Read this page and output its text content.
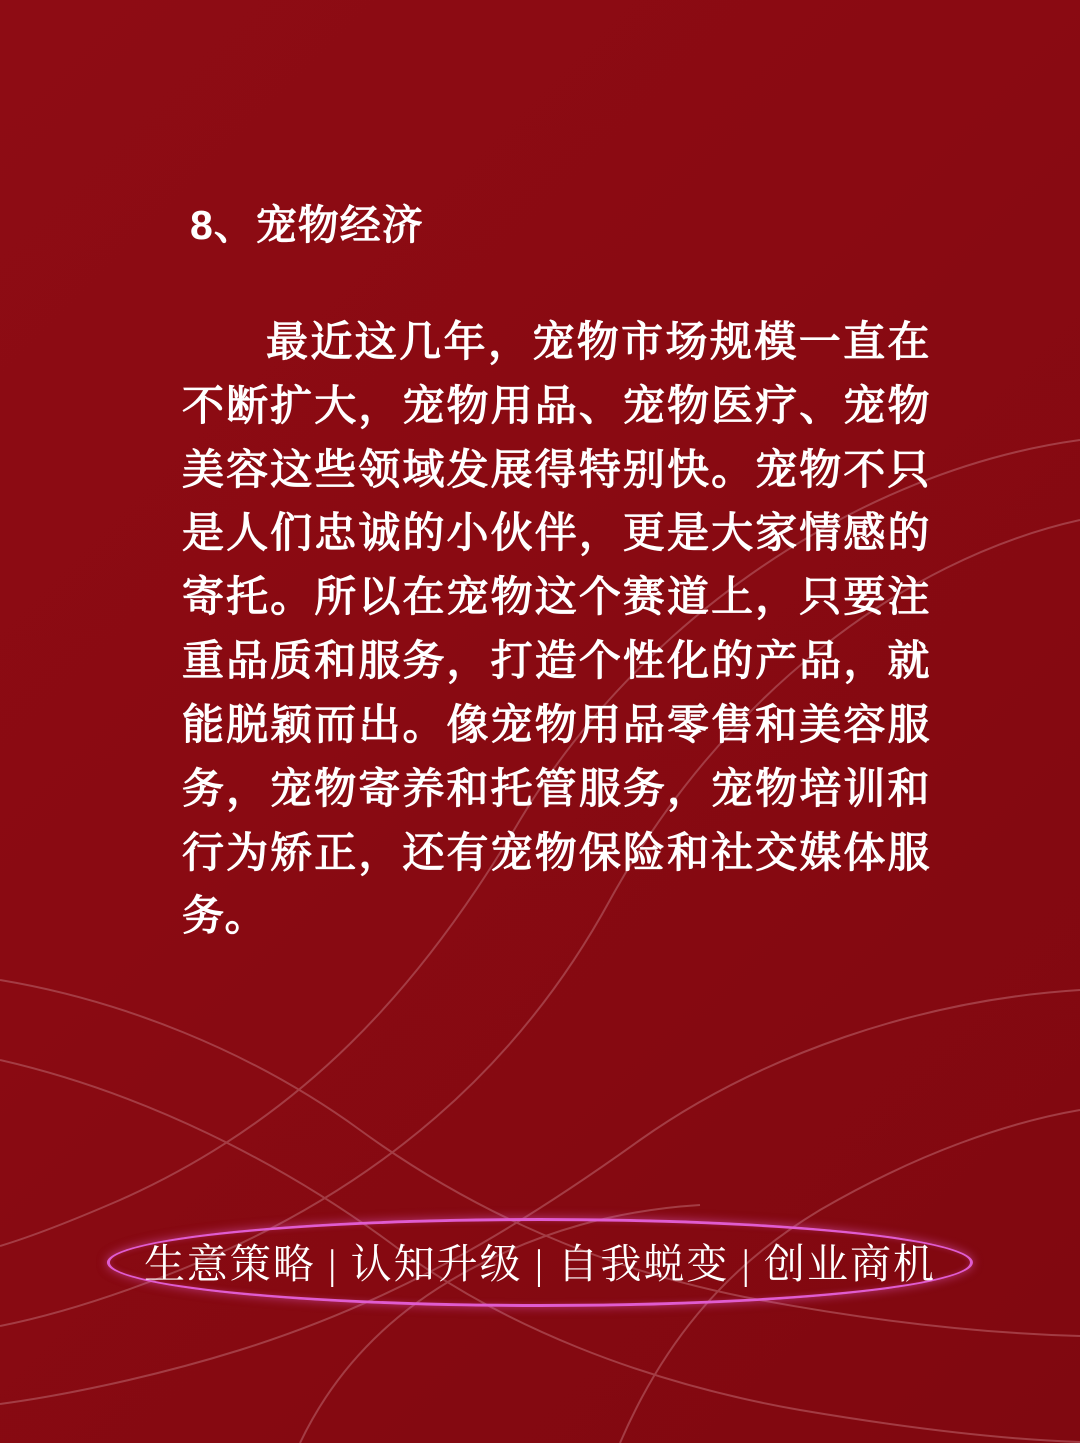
8、宠物经济
最近这几年，宠物市场规模一直在不断扩大，宠物用品、宠物医疗、宠物美容这些领域发展得特别快。宠物不只是人们忠诚的小伙伴，更是大家情感的寄托。所以在宠物这个赛道上，只要注重品质和服务，打造个性化的产品，就能脱颖而出。像宠物用品零售和美容服务，宠物寄养和托管服务，宠物培训和行为矫正，还有宠物保险和社交媒体服务。
生意策略 | 认知升级 | 自我蜕变 | 创业商机
